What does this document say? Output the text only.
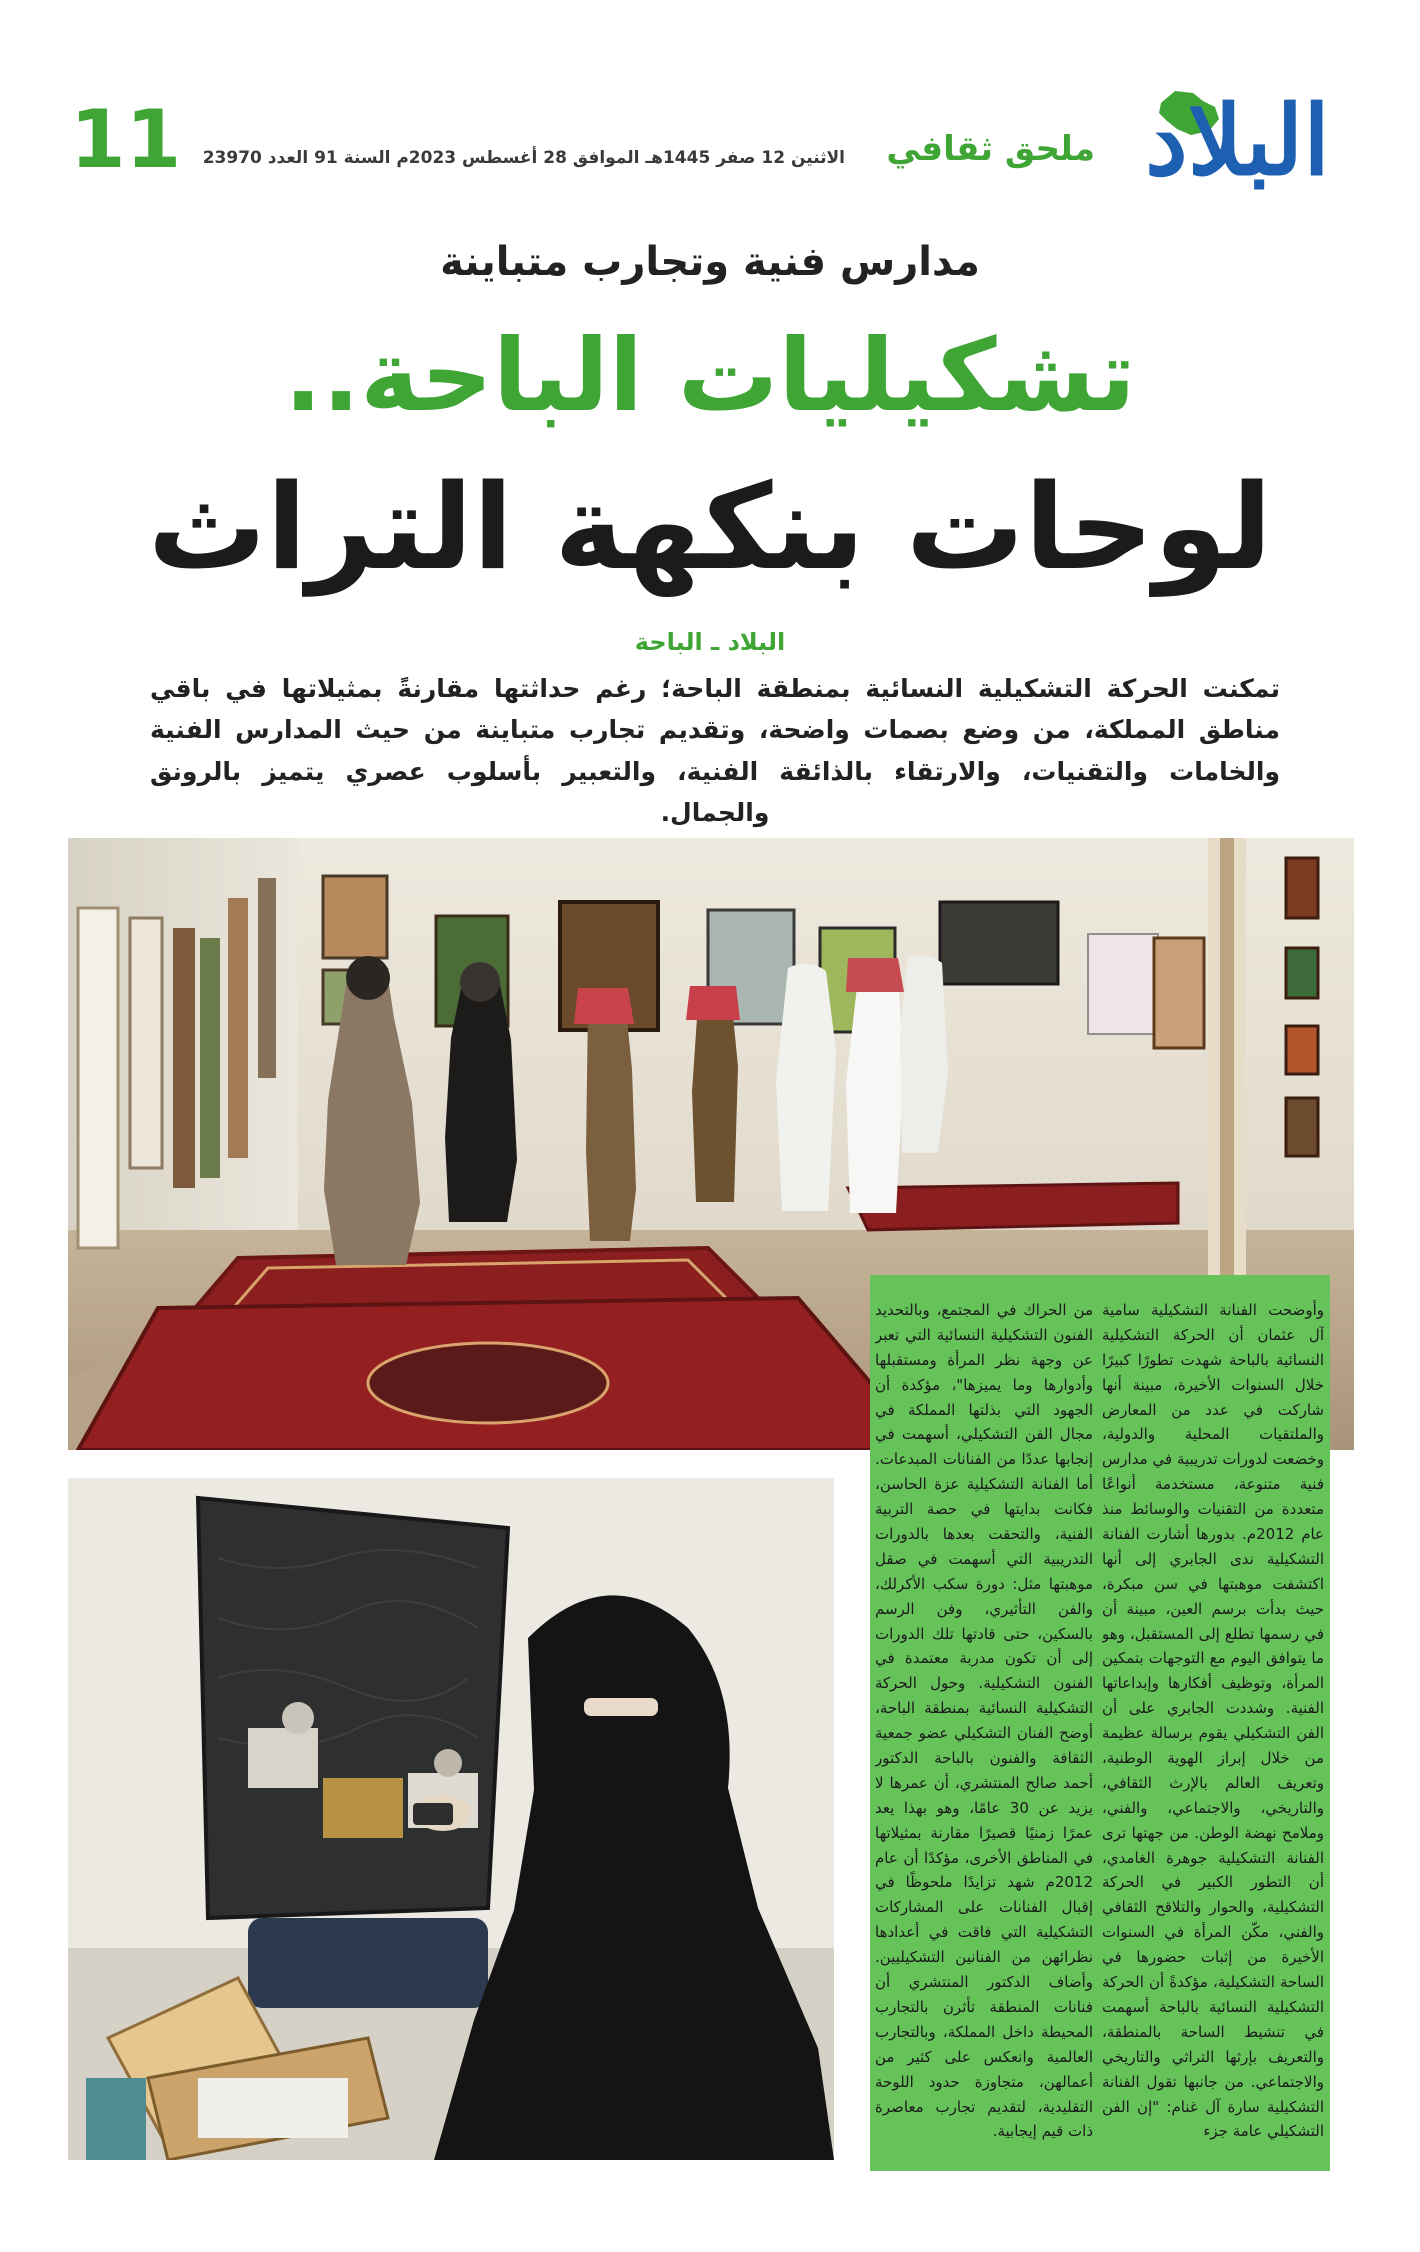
البلاد
ملحق ثقافي
الاثنين 12 صفر 1445هـ الموافق 28 أغسطس 2023م السنة 91 العدد 23970
11
مدارس فنية وتجارب متباينة
تشكيليات الباحة..
لوحات بنكهة التراث
البلاد ـ الباحة
تمكنت الحركة التشكيلية النسائية بمنطقة الباحة؛ رغم حداثتها مقارنةً بمثيلاتها في باقي مناطق المملكة، من وضع بصمات واضحة، وتقديم تجارب متباينة من حيث المدارس الفنية والخامات والتقنيات، والارتقاء بالذائقة الفنية، والتعبير بأسلوب عصري يتميز بالرونق والجمال.
وأوضحت الفنانة التشكيلية سامية آل عثمان أن الحركة التشكيلية النسائية بالباحة شهدت تطورًا كبيرًا خلال السنوات الأخيرة، مبينة أنها شاركت في عدد من المعارض والملتقيات المحلية والدولية، وخضعت لدورات تدريبية في مدارس فنية متنوعة، مستخدمة أنواعًا متعددة من التقنيات والوسائط منذ عام 2012م. بدورها أشارت الفنانة التشكيلية ندى الجابري إلى أنها اكتشفت موهبتها في سن مبكرة، حيث بدأت برسم العين، مبينة أن في رسمها تطلع إلى المستقبل، وهو ما يتوافق اليوم مع التوجهات بتمكين المرأة، وتوظيف أفكارها وإبداعاتها الفنية. وشددت الجابري على أن الفن التشكيلي يقوم برسالة عظيمة من خلال إبراز الهوية الوطنية، وتعريف العالم بالإرث الثقافي، والتاريخي، والاجتماعي، والفني، وملامح نهضة الوطن. من جهتها ترى الفنانة التشكيلية جوهرة الغامدي، أن التطور الكبير في الحركة التشكيلية، والحوار والتلاقح الثقافي والفني، مكّن المرأة في السنوات الأخيرة من إثبات حضورها في الساحة التشكيلية، مؤكدةً أن الحركة التشكيلية النسائية بالباحة أسهمت في تنشيط الساحة بالمنطقة، والتعريف بإرثها التراثي والتاريخي والاجتماعي. من جانبها تقول الفنانة التشكيلية سارة آل غنام: "إن الفن التشكيلي عامة جزء
من الحراك في المجتمع، وبالتحديد الفنون التشكيلية النسائية التي تعبر عن وجهة نظر المرأة ومستقبلها وأدوارها وما يميزها"، مؤكدة أن الجهود التي بذلتها المملكة في مجال الفن التشكيلي، أسهمت في إنجابها عددًا من الفنانات المبدعات. أما الفنانة التشكيلية عزة الحاسن، فكانت بدايتها في حصة التربية الفنية، والتحقت بعدها بالدورات التدريبية التي أسهمت في صقل موهبتها مثل: دورة سكب الأكرلك، والفن التأثيري، وفن الرسم بالسكين، حتى قادتها تلك الدورات إلى أن تكون مدربة معتمدة في الفنون التشكيلية. وحول الحركة التشكيلية النسائية بمنطقة الباحة، أوضح الفنان التشكيلي عضو جمعية الثقافة والفنون بالباحة الدكتور أحمد صالح المنتشري، أن عمرها لا يزيد عن 30 عامًا، وهو بهذا يعد عمرًا زمنيًا قصيرًا مقارنة بمثيلاتها في المناطق الأخرى، مؤكدًا أن عام 2012م شهد تزايدًا ملحوظًا في إقبال الفنانات على المشاركات التشكيلية التي فاقت في أعدادها نظرائهن من الفنانين التشكيليين. وأضاف الدكتور المنتشري أن فنانات المنطقة تأثرن بالتجارب المحيطة داخل المملكة، وبالتجارب العالمية وانعكس على كثير من أعمالهن، متجاوزة حدود اللوحة التقليدية، لتقديم تجارب معاصرة ذات قيم إيجابية.
